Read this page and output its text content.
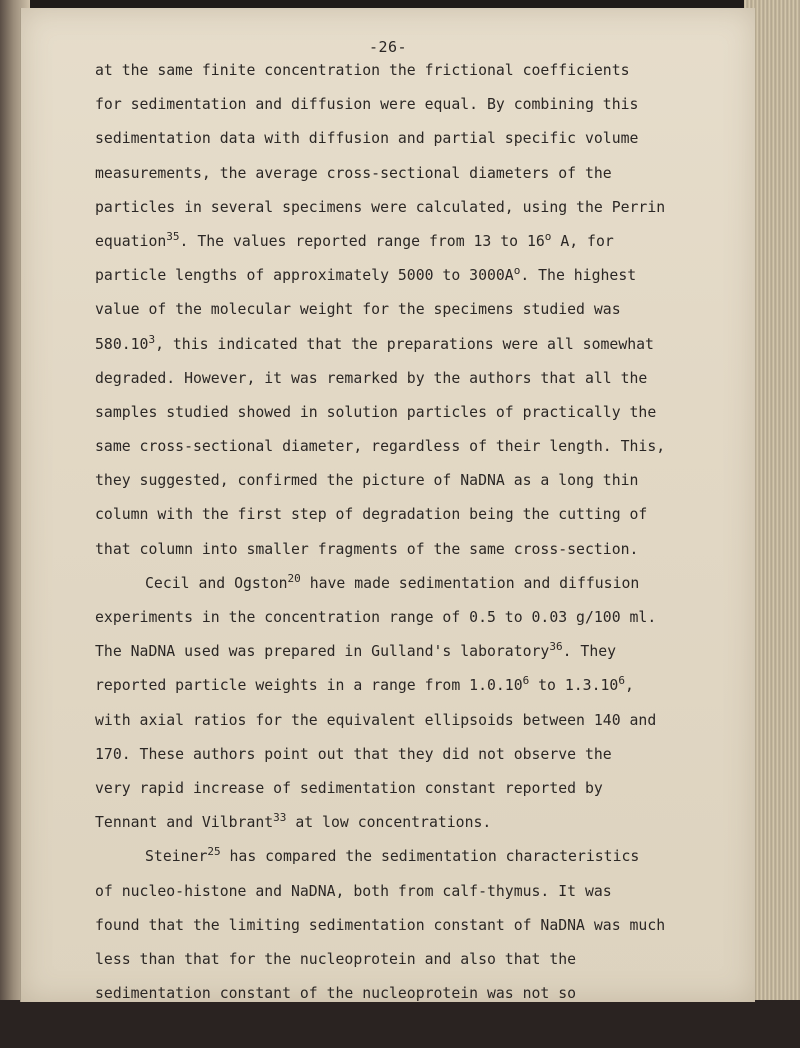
-26-
at the same finite concentration the frictional coefficients
for sedimentation and diffusion were equal. By combining this
sedimentation data with diffusion and partial specific volume
measurements, the average cross-sectional diameters of the
particles in several specimens were calculated, using the Perrin
equation$^{35}$. The values reported range from 13 to 16$^o$ A, for
particle lengths of approximately 5000 to $3000A^o$. The highest
value of the molecular weight for the specimens studied was
580.10$^3$, this indicated that the preparations were all somewhat
degraded. However, it was remarked by the authors that all the
samples studied showed in solution particles of practically the
same cross-sectional diameter, regardless of their length. This,
they suggested, confirmed the picture of NaDNA as a long thin
column with the first step of degradation being the cutting of
that column into smaller fragments of the same cross-section.
Cecil and Ogston$^{20}$ have made sedimentation and diffusion
experiments in the concentration range of 0.5 to 0.03 g/100 ml.
The NaDNA used was prepared in Gulland's laboratory$^{36}$. They
reported particle weights in a range from 1.0.10$^6$ to 1.3.10$^6$,
with axial ratios for the equivalent ellipsoids between 140 and
170. These authors point out that they did not observe the
very rapid increase of sedimentation constant reported by
Tennant and Vilbrant$^{33}$ at low concentrations.
Steiner$^{25}$ has compared the sedimentation characteristics
of nucleo-histone and NaDNA, both from calf-thymus. It was
found that the limiting sedimentation constant of NaDNA was much
less than that for the nucleoprotein and also that the
sedimentation constant of the nucleoprotein was not so
